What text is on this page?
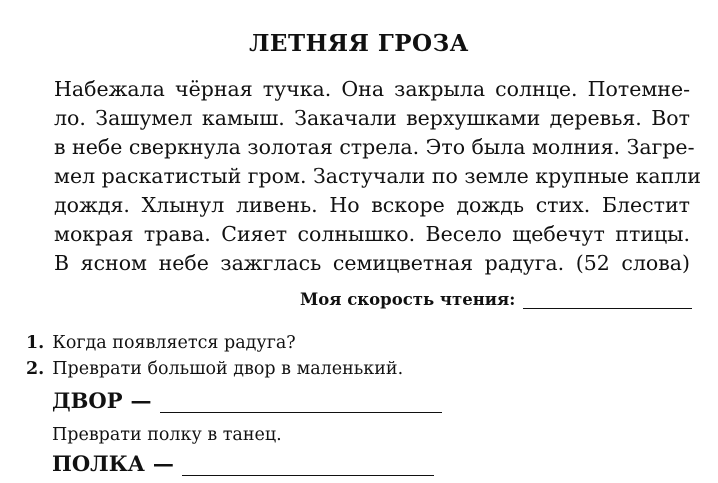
ЛЕТНЯЯ ГРОЗА
Набежала чёрная тучка. Она закрыла солнце. Потемне-
ло. Зашумел камыш. Закачали верхушками деревья. Вот
в небе сверкнула золотая стрела. Это была молния. Загре-
мел раскатистый гром. Застучали по земле крупные капли
дождя. Хлынул ливень. Но вскоре дождь стих. Блестит
мокрая трава. Сияет солнышко. Весело щебечут птицы.
В ясном небе зажглась семицветная радуга. (52 слова)
Моя скорость чтения:
1. Когда появляется радуга?
2. Преврати большой двор в маленький.
ДВОР —
Преврати полку в танец.
ПОЛКА —
